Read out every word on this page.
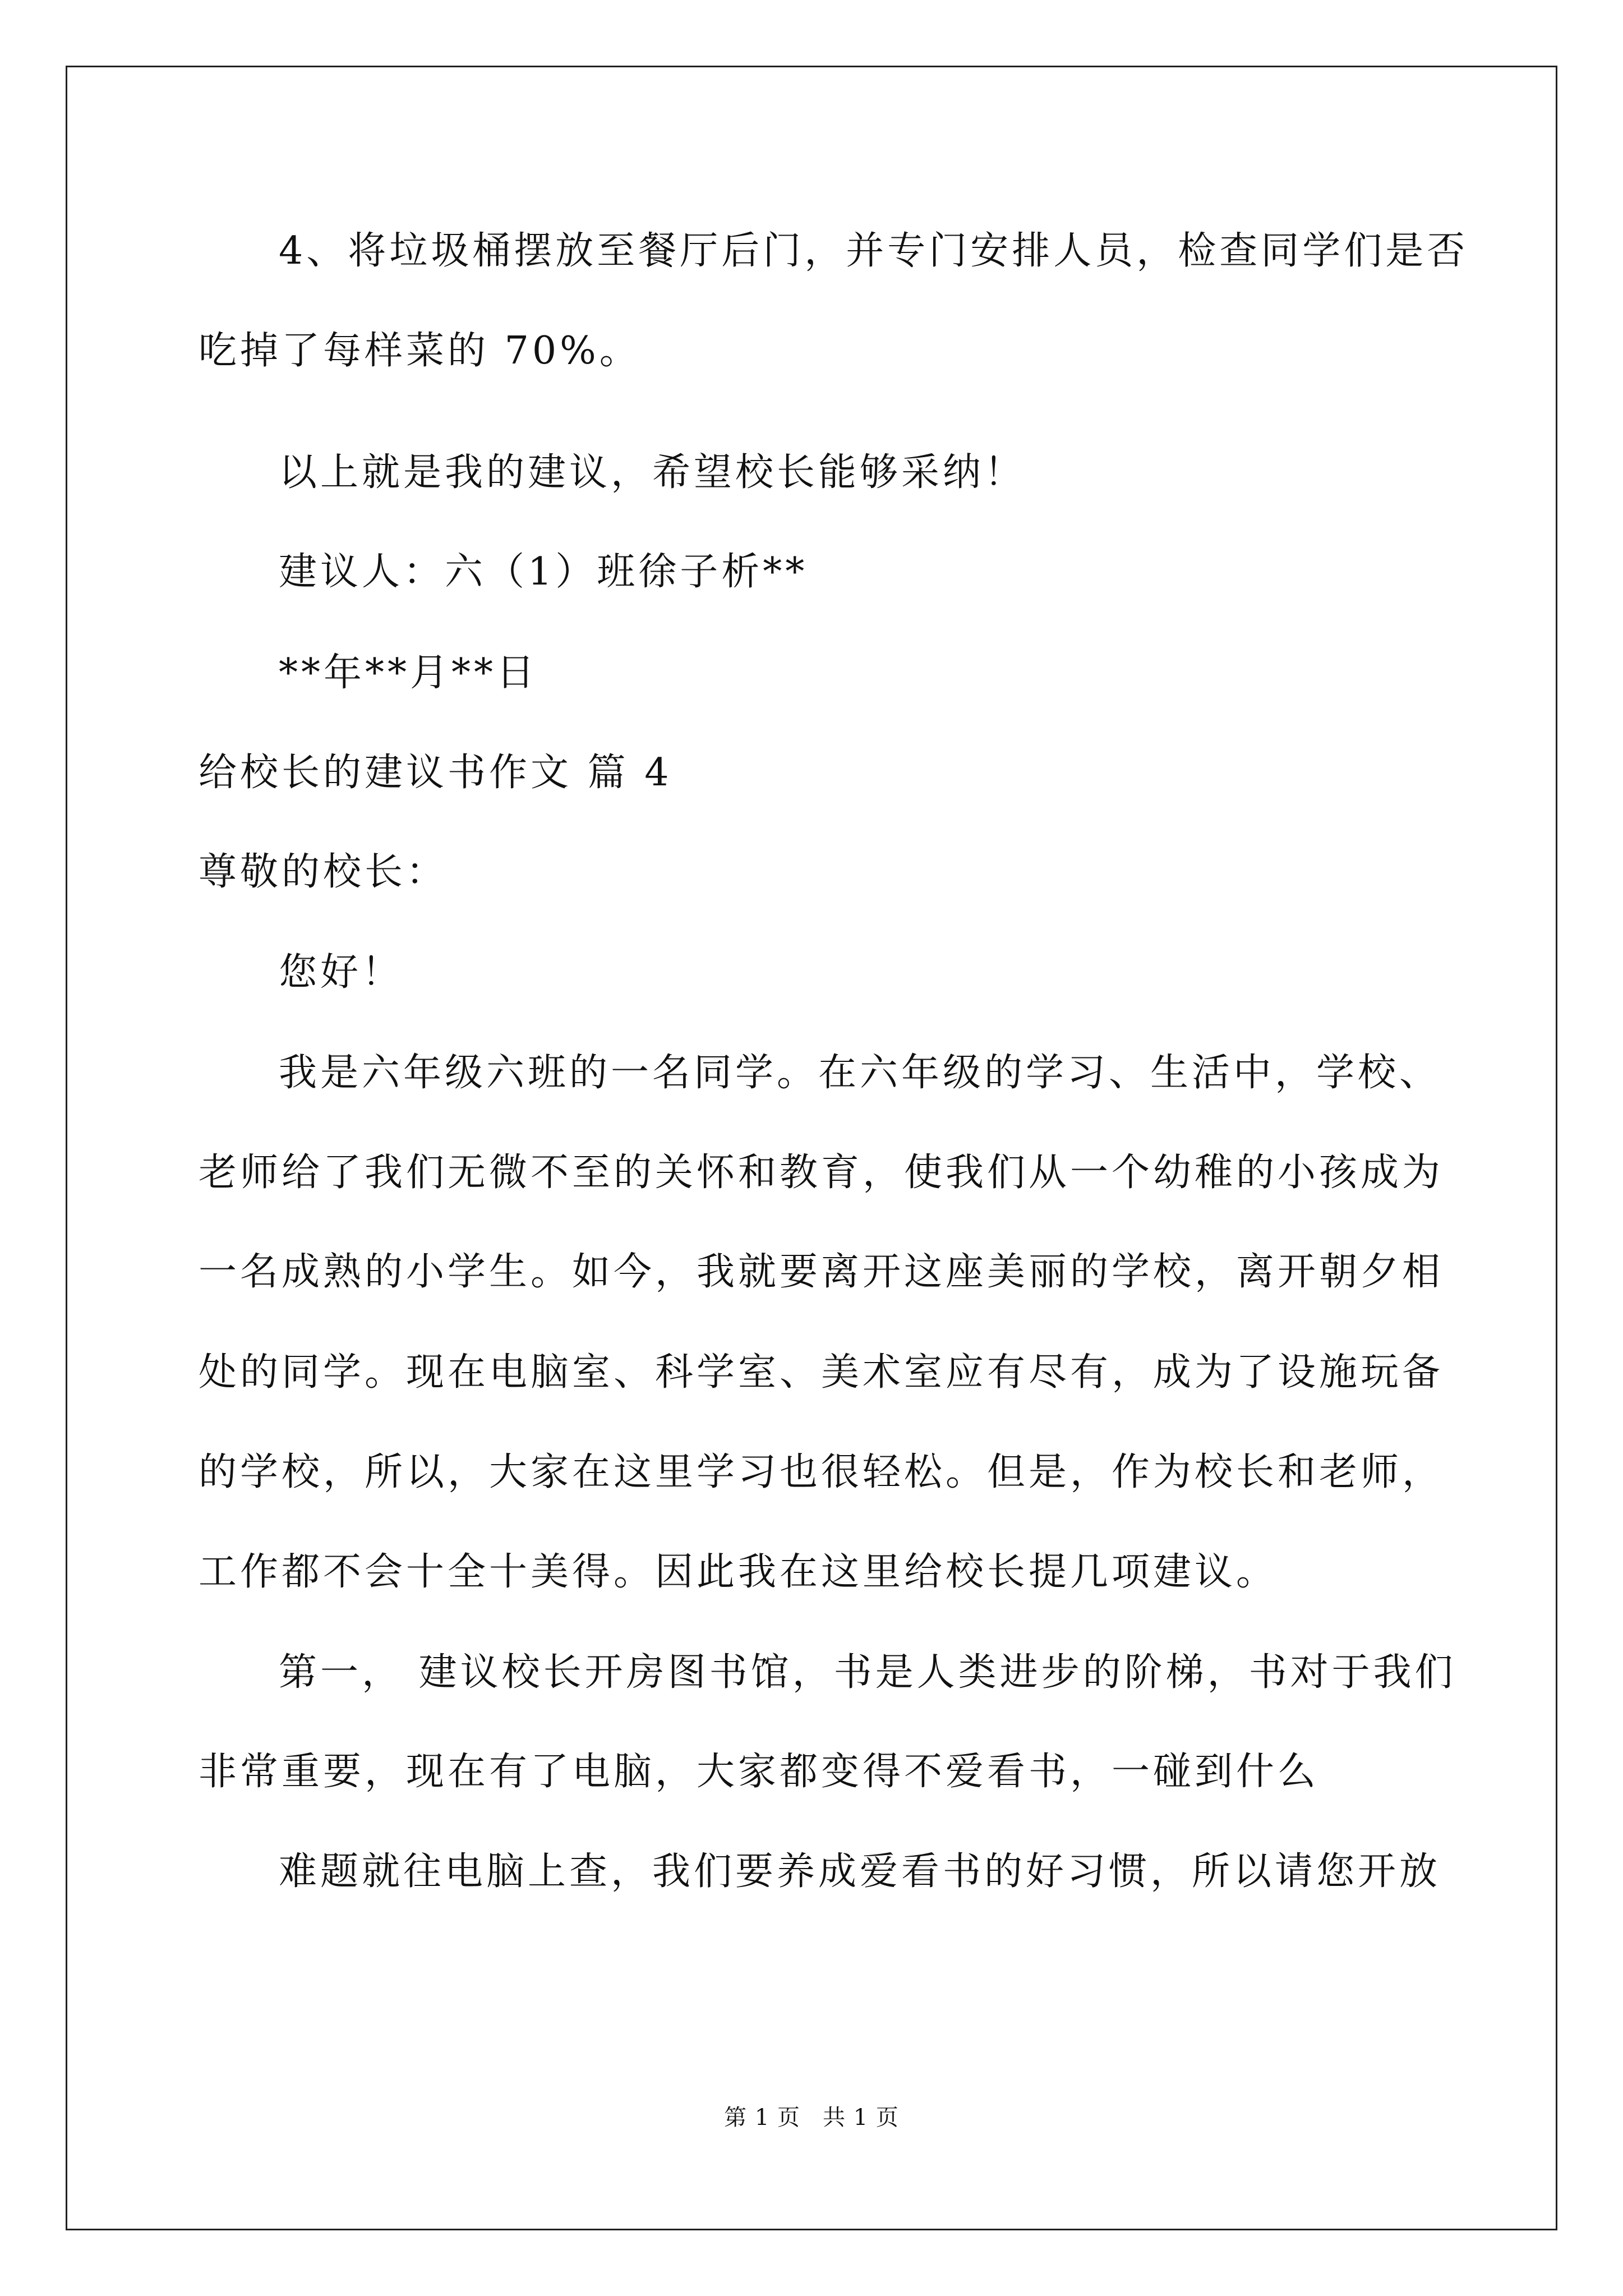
4、将垃圾桶摆放至餐厅后门，并专门安排人员，检查同学们是否
吃掉了每样菜的 70%。
以上就是我的建议，希望校长能够采纳！
建议人：六（1）班徐子析**
**年**月**日
给校长的建议书作文 篇 4
尊敬的校长：
您好！
我是六年级六班的一名同学。在六年级的学习、生活中，学校、
老师给了我们无微不至的关怀和教育，使我们从一个幼稚的小孩成为
一名成熟的小学生。如今，我就要离开这座美丽的学校，离开朝夕相
处的同学。现在电脑室、科学室、美术室应有尽有，成为了设施玩备
的学校，所以，大家在这里学习也很轻松。但是，作为校长和老师，
工作都不会十全十美得。因此我在这里给校长提几项建议。
第一， 建议校长开房图书馆，书是人类进步的阶梯，书对于我们
非常重要，现在有了电脑，大家都变得不爱看书，一碰到什么
难题就往电脑上查，我们要养成爱看书的好习惯，所以请您开放
第 1 页 共 1 页
